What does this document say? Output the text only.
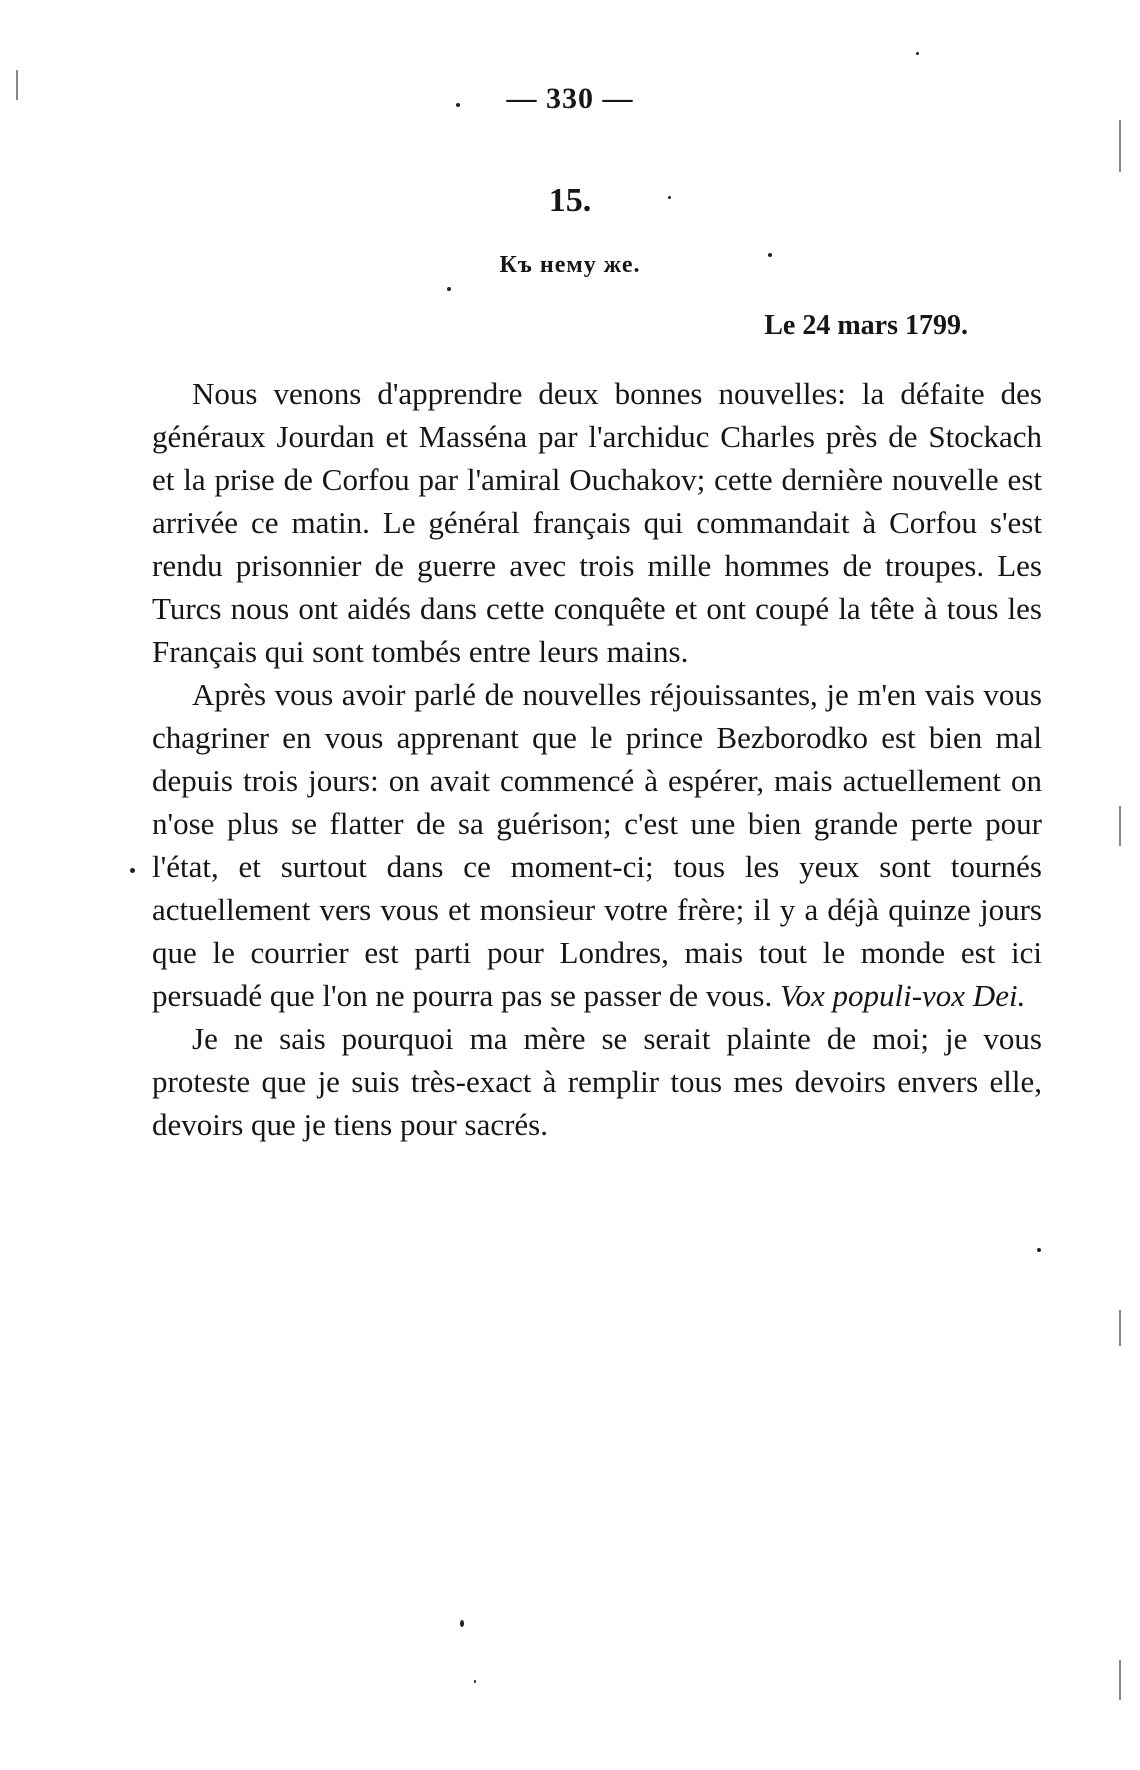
— 330 —
15.
Къ нему же.
Le 24 mars 1799.

Nous venons d'apprendre deux bonnes nouvelles: la défaite des généraux Jourdan et Masséna par l'archiduc Charles près de Stockach et la prise de Corfou par l'amiral Ouchakov; cette dernière nouvelle est arrivée ce matin. Le général français qui commandait à Corfou s'est rendu prisonnier de guerre avec trois mille hommes de troupes. Les Turcs nous ont aidés dans cette conquête et ont coupé la tête à tous les Français qui sont tombés entre leurs mains.

Après vous avoir parlé de nouvelles réjouissantes, je m'en vais vous chagriner en vous apprenant que le prince Bezborodko est bien mal depuis trois jours: on avait commencé à espérer, mais actuellement on n'ose plus se flatter de sa guérison; c'est une bien grande perte pour l'état, et surtout dans ce moment-ci; tous les yeux sont tournés actuellement vers vous et monsieur votre frère; il y a déjà quinze jours que le courrier est parti pour Londres, mais tout le monde est ici persuadé que l'on ne pourra pas se passer de vous. Vox populi-vox Dei.

Je ne sais pourquoi ma mère se serait plainte de moi; je vous proteste que je suis très-exact à remplir tous mes devoirs envers elle, devoirs que je tiens pour sacrés.
